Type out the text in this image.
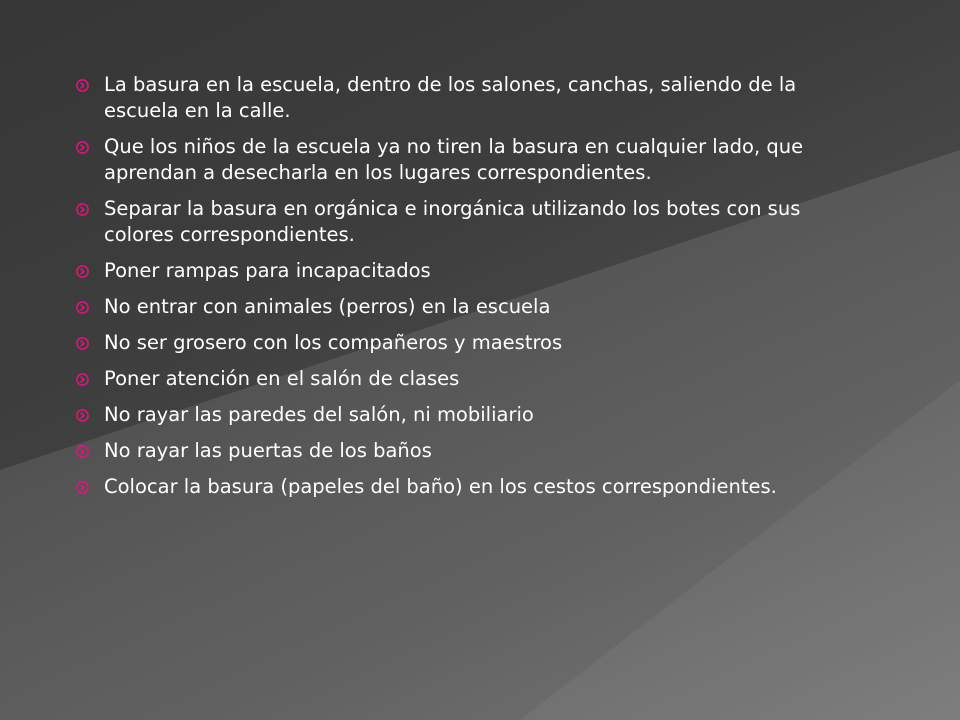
La basura en la escuela, dentro de los salones, canchas, saliendo de la escuela en la calle.
Que los niños de la escuela ya no tiren la basura en cualquier lado, que aprendan a desecharla en los lugares correspondientes.
Separar la basura en orgánica e inorgánica utilizando los botes con sus colores correspondientes.
Poner rampas para incapacitados
No entrar con animales (perros) en la escuela
No ser grosero con los compañeros y maestros
Poner atención en el salón de clases
No rayar las paredes del salón, ni mobiliario
No rayar las puertas de los baños
Colocar la basura (papeles del baño) en los cestos correspondientes.
